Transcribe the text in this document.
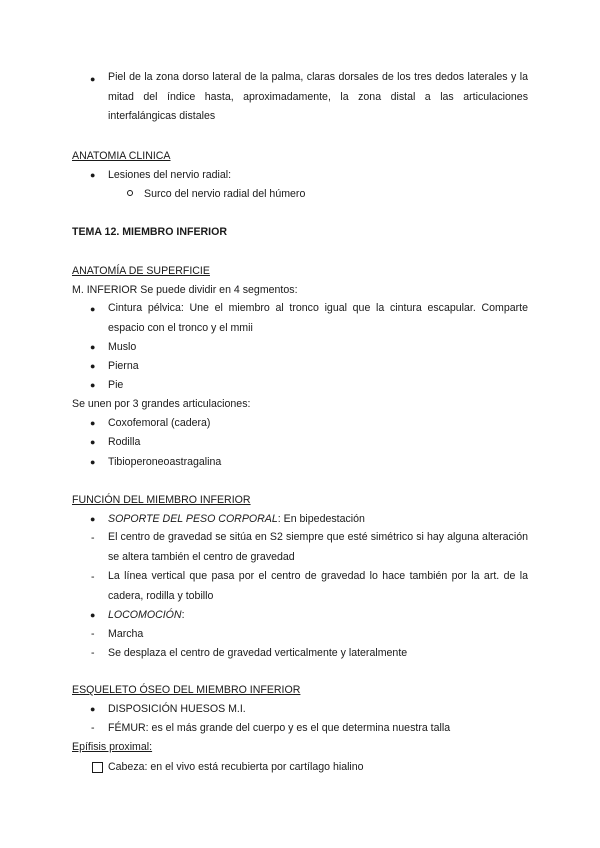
● Piel de la zona dorso lateral de la palma, claras dorsales de los tres dedos laterales y la mitad del índice hasta, aproximadamente, la zona distal a las articulaciones interfalángicas distales
ANATOMIA CLINICA
● Lesiones del nervio radial:
Surco del nervio radial del húmero
TEMA 12. MIEMBRO INFERIOR
ANATOMÍA DE SUPERFICIE
M. INFERIOR Se puede dividir en 4 segmentos:
● Cintura pélvica: Une el miembro al tronco igual que la cintura escapular. Comparte espacio con el tronco y el mmii
● Muslo
● Pierna
● Pie
Se unen por 3 grandes articulaciones:
● Coxofemoral (cadera)
● Rodilla
● Tibioperoneoastragalina
FUNCIÓN DEL MIEMBRO INFERIOR
● SOPORTE DEL PESO CORPORAL: En bipedestación
- El centro de gravedad se sitúa en S2 siempre que esté simétrico si hay alguna alteración se altera también el centro de gravedad
- La línea vertical que pasa por el centro de gravedad lo hace también por la art. de la cadera, rodilla y tobillo
● LOCOMOCIÓN:
- Marcha
- Se desplaza el centro de gravedad verticalmente y lateralmente
ESQUELETO ÓSEO DEL MIEMBRO INFERIOR
● DISPOSICIÓN HUESOS M.I.
- FÉMUR: es el más grande del cuerpo y es el que determina nuestra talla
Epífisis proximal:
Cabeza: en el vivo está recubierta por cartílago hialino
